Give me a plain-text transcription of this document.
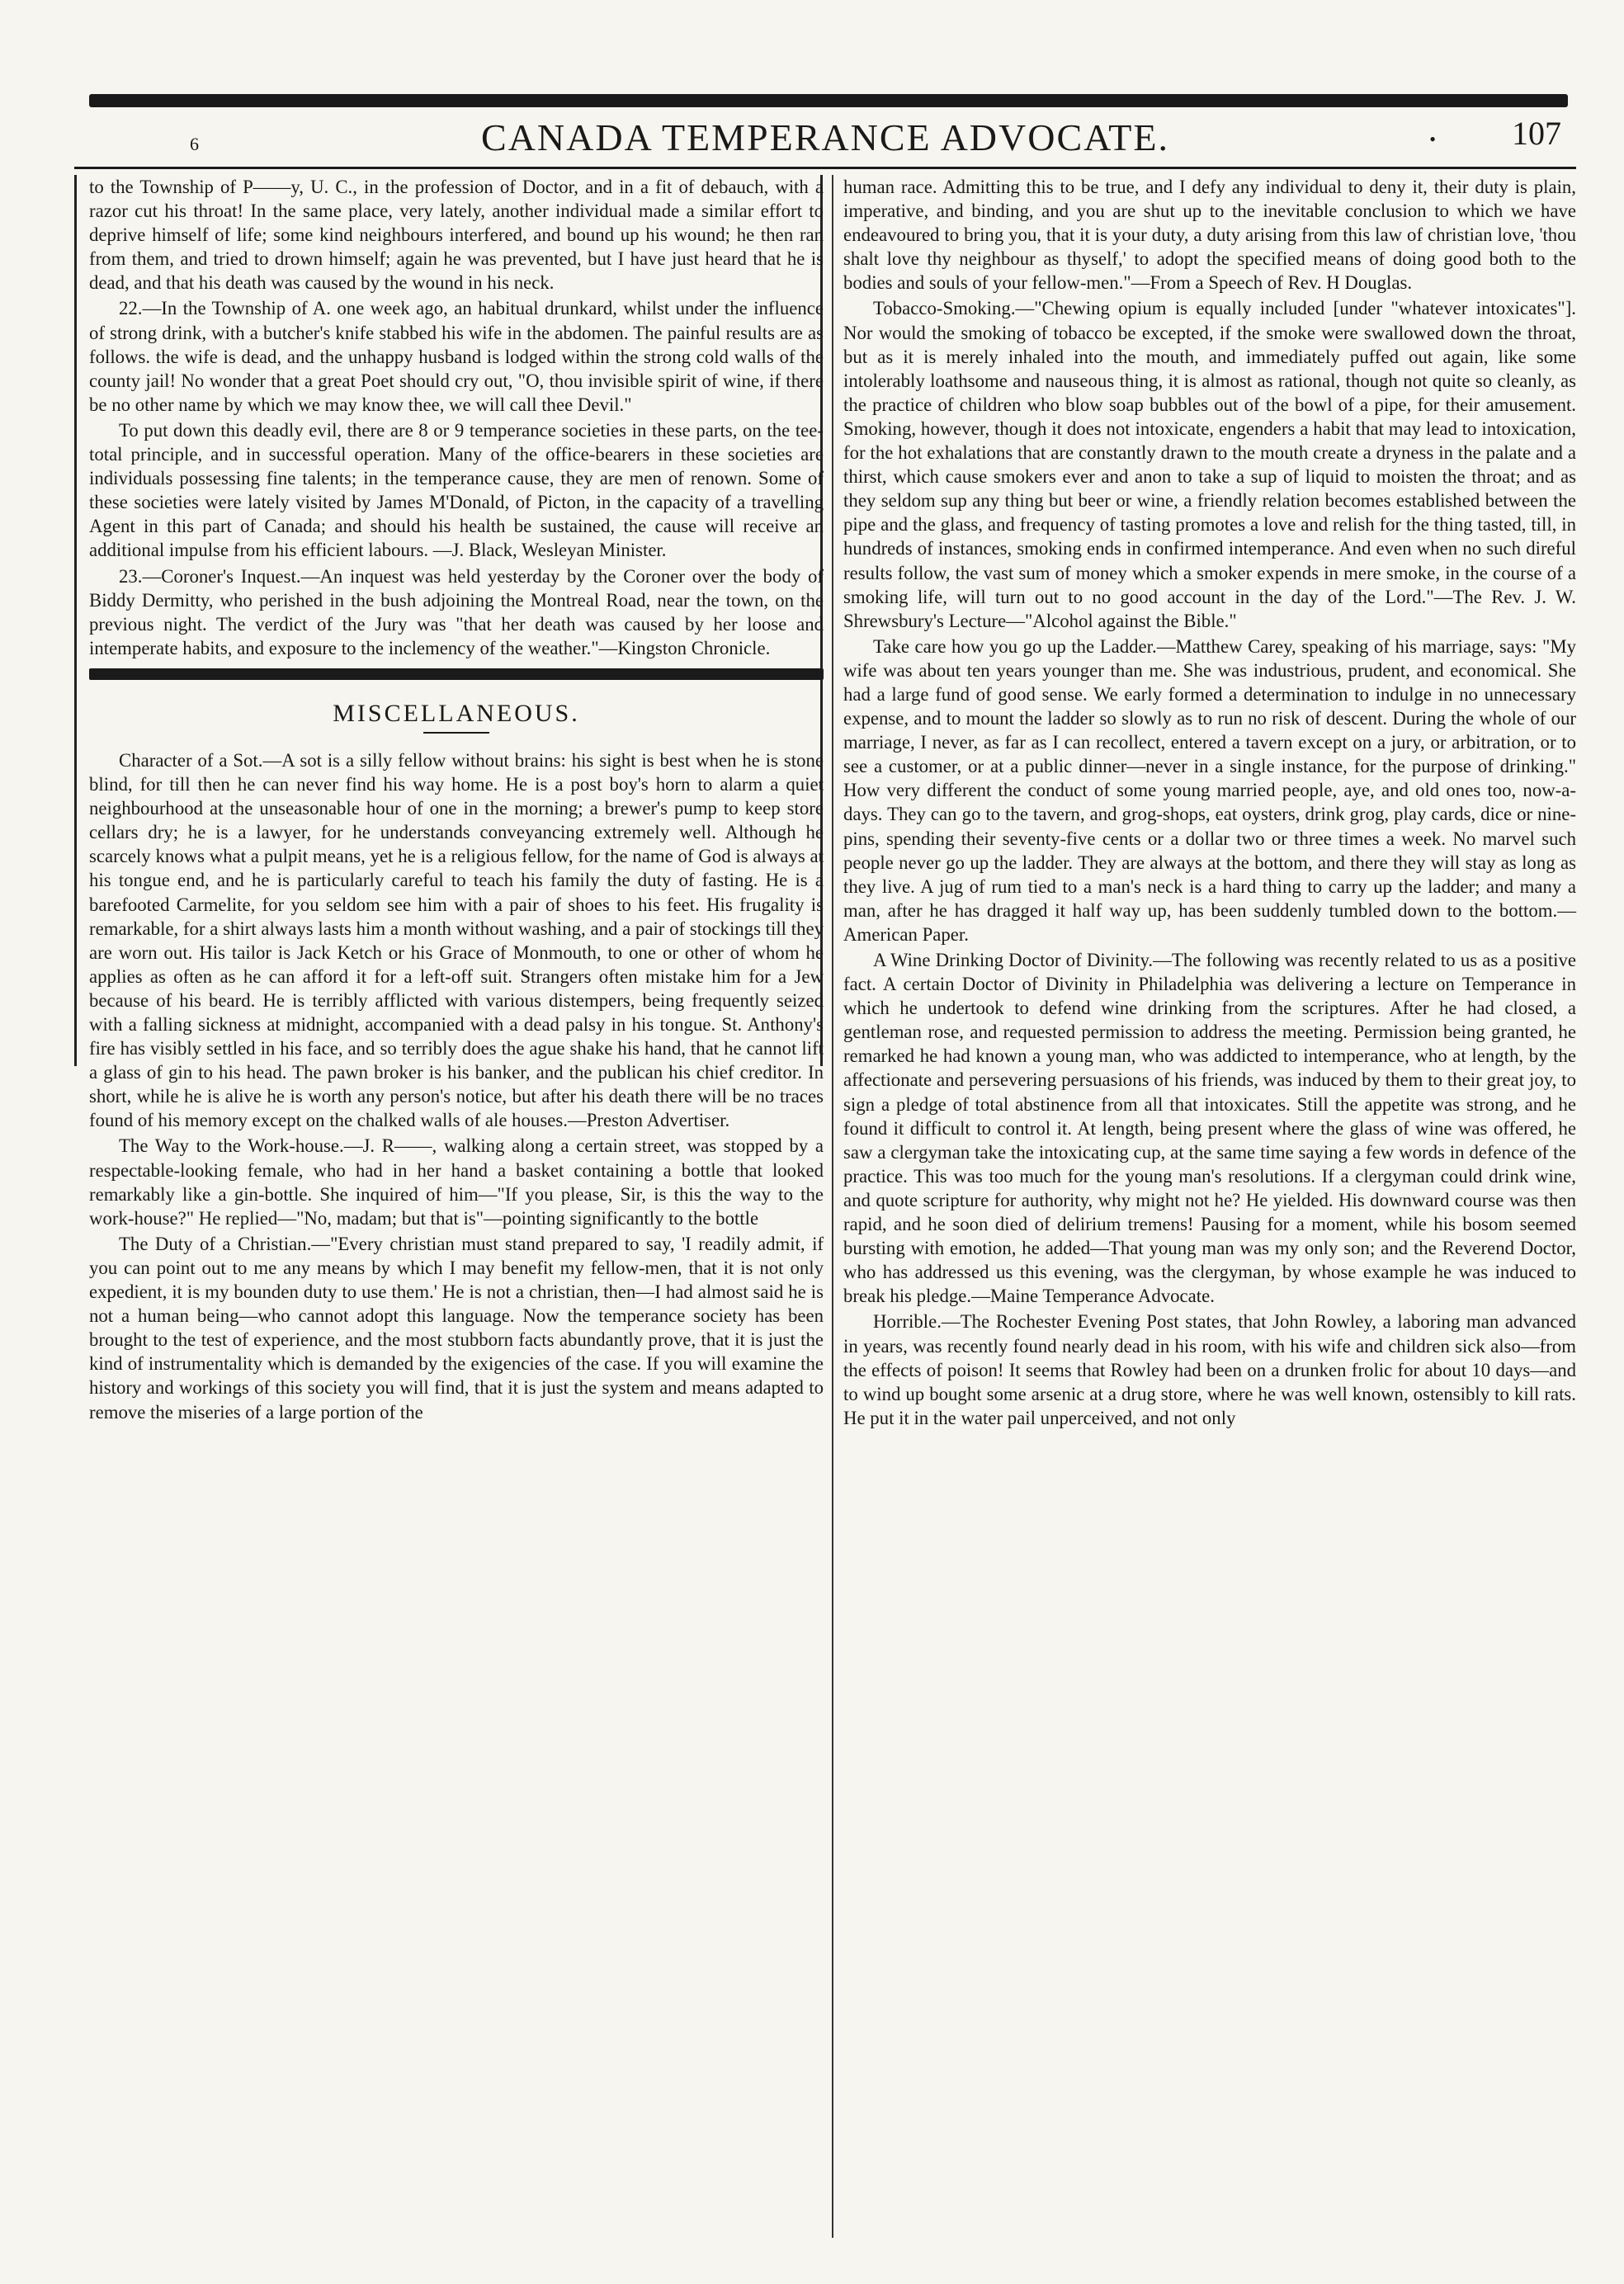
6	CANADA TEMPERANCE ADVOCATE.	• 107

to the Township of P——y, U. C., in the profession of Doctor, and in a fit of debauch, with a razor cut his throat! In the same place, very lately, another individual made a similar effort to deprive himself of life; some kind neighbours interfered, and bound up his wound; he then ran from them, and tried to drown himself; again he was prevented, but I have just heard that he is dead, and that his death was caused by the wound in his neck.

22.—In the Township of A. one week ago, an habitual drunkard, whilst under the influence of strong drink, with a butcher's knife stabbed his wife in the abdomen. The painful results are as follows. the wife is dead, and the unhappy husband is lodged within the strong cold walls of the county jail! No wonder that a great Poet should cry out, "O, thou invisible spirit of wine, if there be no other name by which we may know thee, we will call thee Devil."

To put down this deadly evil, there are 8 or 9 temperance societies in these parts, on the tee-total principle, and in successful operation. Many of the office-bearers in these societies are individuals possessing fine talents; in the temperance cause, they are men of renown. Some of these societies were lately visited by James M'Donald, of Picton, in the capacity of a travelling Agent in this part of Canada; and should his health be sustained, the cause will receive an additional impulse from his efficient labours. —J. Black, Wesleyan Minister.

23.—Coroner's Inquest.—An inquest was held yesterday by the Coroner over the body of Biddy Dermitty, who perished in the bush adjoining the Montreal Road, near the town, on the previous night. The verdict of the Jury was "that her death was caused by her loose and intemperate habits, and exposure to the inclemency of the weather."—Kingston Chronicle.

MISCELLANEOUS.

Character of a Sot.—A sot is a silly fellow without brains: his sight is best when he is stone blind, for till then he can never find his way home. He is a post boy's horn to alarm a quiet neighbourhood at the unseasonable hour of one in the morning; a brewer's pump to keep store cellars dry; he is a lawyer, for he understands conveyancing extremely well. Although he scarcely knows what a pulpit means, yet he is a religious fellow, for the name of God is always at his tongue end, and he is particularly careful to teach his family the duty of fasting. He is a barefooted Carmelite, for you seldom see him with a pair of shoes to his feet. His frugality is remarkable, for a shirt always lasts him a month without washing, and a pair of stockings till they are worn out. His tailor is Jack Ketch or his Grace of Monmouth, to one or other of whom he applies as often as he can afford it for a left-off suit. Strangers often mistake him for a Jew because of his beard. He is terribly afflicted with various distempers, being frequently seized with a falling sickness at midnight, accompanied with a dead palsy in his tongue. St. Anthony's fire has visibly settled in his face, and so terribly does the ague shake his hand, that he cannot lift a glass of gin to his head. The pawn broker is his banker, and the publican his chief creditor. In short, while he is alive he is worth any person's notice, but after his death there will be no traces found of his memory except on the chalked walls of ale houses.—Preston Advertiser.

The Way to the Work-house.—J. R——, walking along a certain street, was stopped by a respectable-looking female, who had in her hand a basket containing a bottle that looked remarkably like a gin-bottle. She inquired of him—"If you please, Sir, is this the way to the work-house?" He replied—"No, madam; but that is"—pointing significantly to the bottle

The Duty of a Christian.—"Every christian must stand prepared to say, 'I readily admit, if you can point out to me any means by which I may benefit my fellow-men, that it is not only expedient, it is my bounden duty to use them.' He is not a christian, then—I had almost said he is not a human being—who cannot adopt this language. Now the temperance society has been brought to the test of experience, and the most stubborn facts abundantly prove, that it is just the kind of instrumentality which is demanded by the exigencies of the case. If you will examine the history and workings of this society you will find, that it is just the system and means adapted to remove the miseries of a large portion of the

human race. Admitting this to be true, and I defy any individual to deny it, their duty is plain, imperative, and binding, and you are shut up to the inevitable conclusion to which we have endeavoured to bring you, that it is your duty, a duty arising from this law of christian love, 'thou shalt love thy neighbour as thyself,' to adopt the specified means of doing good both to the bodies and souls of your fellow-men."—From a Speech of Rev. H Douglas.

Tobacco-Smoking.—"Chewing opium is equally included [under "whatever intoxicates"]. Nor would the smoking of tobacco be excepted, if the smoke were swallowed down the throat, but as it is merely inhaled into the mouth, and immediately puffed out again, like some intolerably loathsome and nauseous thing, it is almost as rational, though not quite so cleanly, as the practice of children who blow soap bubbles out of the bowl of a pipe, for their amusement. Smoking, however, though it does not intoxicate, engenders a habit that may lead to intoxication, for the hot exhalations that are constantly drawn to the mouth create a dryness in the palate and a thirst, which cause smokers ever and anon to take a sup of liquid to moisten the throat; and as they seldom sup any thing but beer or wine, a friendly relation becomes established between the pipe and the glass, and frequency of tasting promotes a love and relish for the thing tasted, till, in hundreds of instances, smoking ends in confirmed intemperance. And even when no such direful results follow, the vast sum of money which a smoker expends in mere smoke, in the course of a smoking life, will turn out to no good account in the day of the Lord."—The Rev. J. W. Shrewsbury's Lecture—"Alcohol against the Bible."

Take care how you go up the Ladder.—Matthew Carey, speaking of his marriage, says: "My wife was about ten years younger than me. She was industrious, prudent, and economical. She had a large fund of good sense. We early formed a determination to indulge in no unnecessary expense, and to mount the ladder so slowly as to run no risk of descent. During the whole of our marriage, I never, as far as I can recollect, entered a tavern except on a jury, or arbitration, or to see a customer, or at a public dinner—never in a single instance, for the purpose of drinking." How very different the conduct of some young married people, aye, and old ones too, now-a-days. They can go to the tavern, and grog-shops, eat oysters, drink grog, play cards, dice or nine-pins, spending their seventy-five cents or a dollar two or three times a week. No marvel such people never go up the ladder. They are always at the bottom, and there they will stay as long as they live. A jug of rum tied to a man's neck is a hard thing to carry up the ladder; and many a man, after he has dragged it half way up, has been suddenly tumbled down to the bottom.—American Paper.

A Wine Drinking Doctor of Divinity.—The following was recently related to us as a positive fact. A certain Doctor of Divinity in Philadelphia was delivering a lecture on Temperance in which he undertook to defend wine drinking from the scriptures. After he had closed, a gentleman rose, and requested permission to address the meeting. Permission being granted, he remarked he had known a young man, who was addicted to intemperance, who at length, by the affectionate and persevering persuasions of his friends, was induced by them to their great joy, to sign a pledge of total abstinence from all that intoxicates. Still the appetite was strong, and he found it difficult to control it. At length, being present where the glass of wine was offered, he saw a clergyman take the intoxicating cup, at the same time saying a few words in defence of the practice. This was too much for the young man's resolutions. If a clergyman could drink wine, and quote scripture for authority, why might not he? He yielded. His downward course was then rapid, and he soon died of delirium tremens! Pausing for a moment, while his bosom seemed bursting with emotion, he added—That young man was my only son; and the Reverend Doctor, who has addressed us this evening, was the clergyman, by whose example he was induced to break his pledge.—Maine Temperance Advocate.

Horrible.—The Rochester Evening Post states, that John Rowley, a laboring man advanced in years, was recently found nearly dead in his room, with his wife and children sick also—from the effects of poison! It seems that Rowley had been on a drunken frolic for about 10 days—and to wind up bought some arsenic at a drug store, where he was well known, ostensibly to kill rats. He put it in the water pail unperceived, and not only
